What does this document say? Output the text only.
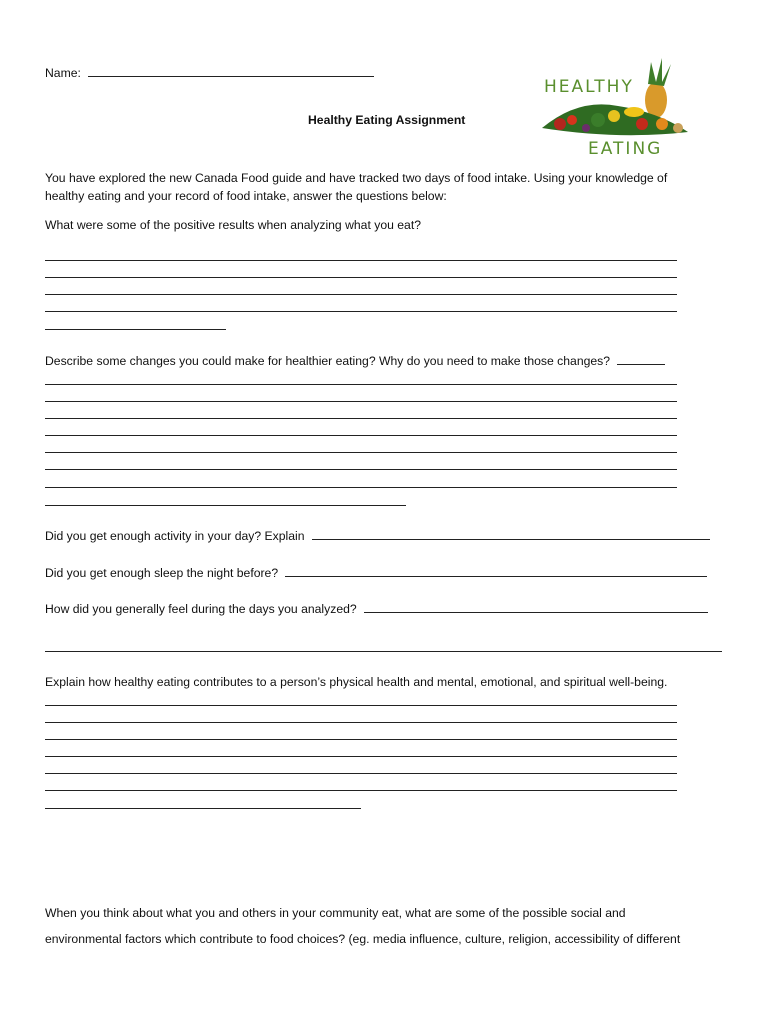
Name:
HEALTHY
EATING
Healthy Eating Assignment
You have explored the new Canada Food guide and have tracked two days of food intake. Using your knowledge of
healthy eating and your record of food intake, answer the questions below:
What were some of the positive results when analyzing what you eat?
Describe some changes you could make for healthier eating? Why do you need to make those changes?
Did you get enough activity in your day? Explain
Did you get enough sleep the night before?
How did you generally feel during the days you analyzed?
Explain how healthy eating contributes to a person’s physical health and mental, emotional, and spiritual well-being.
When you think about what you and others in your community eat, what are some of the possible social and
environmental factors which contribute to food choices? (eg. media influence, culture, religion, accessibility of different
